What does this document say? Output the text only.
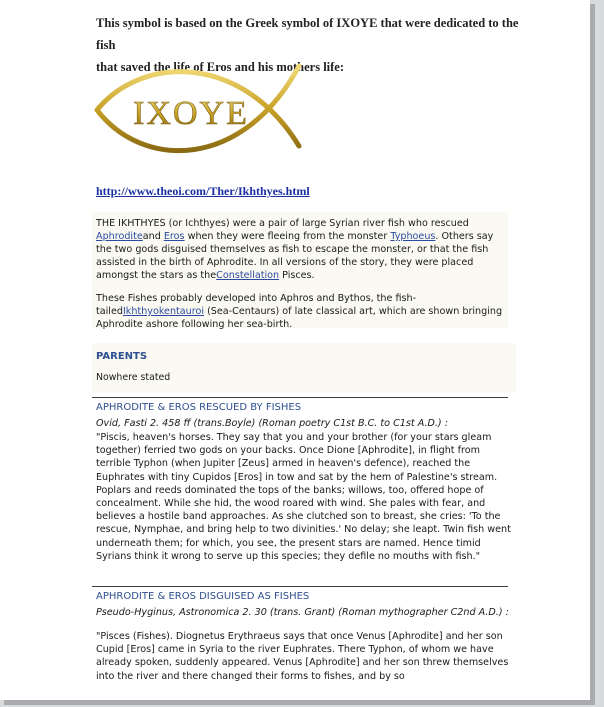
This symbol is based on the Greek symbol of IXOYE that were dedicated to the fish
that saved the life of Eros and his mothers life:
IXOYE
http://www.theoi.com/Ther/Ikhthyes.html

THE IKHTHYES (or Ichthyes) were a pair of large Syrian river fish who rescued Aphroditeand Eros when they were fleeing from the monster Typhoeus. Others say the two gods disguised themselves as fish to escape the monster, or that the fish assisted in the birth of Aphrodite. In all versions of the story, they were placed amongst the stars as theConstellation Pisces.

These Fishes probably developed into Aphros and Bythos, the fish-tailedIkhthyokentauroi (Sea-Centaurs) of late classical art, which are shown bringing Aphrodite ashore following her sea-birth.

PARENTS
Nowhere stated
APHRODITE & EROS RESCUED BY FISHES
Ovid, Fasti 2. 458 ff (trans.Boyle) (Roman poetry C1st B.C. to C1st A.D.) :
"Piscis, heaven's horses. They say that you and your brother (for your stars gleam together) ferried two gods on your backs. Once Dione [Aphrodite], in flight from terrible Typhon (when Jupiter [Zeus] armed in heaven's defence), reached the Euphrates with tiny Cupidos [Eros] in tow and sat by the hem of Palestine's stream. Poplars and reeds dominated the tops of the banks; willows, too, offered hope of concealment. While she hid, the wood roared with wind. She pales with fear, and believes a hostile band approaches. As she clutched son to breast, she cries: 'To the rescue, Nymphae, and bring help to two divinities.' No delay; she leapt. Twin fish went underneath them; for which, you see, the present stars are named. Hence timid Syrians think it wrong to serve up this species; they defile no mouths with fish."
APHRODITE & EROS DISGUISED AS FISHES
Pseudo-Hyginus, Astronomica 2. 30 (trans. Grant) (Roman mythographer C2nd A.D.) :
"Pisces (Fishes). Diognetus Erythraeus says that once Venus [Aphrodite] and her son Cupid [Eros] came in Syria to the river Euphrates. There Typhon, of whom we have already spoken, suddenly appeared. Venus [Aphrodite] and her son threw themselves into the river and there changed their forms to fishes, and by so
